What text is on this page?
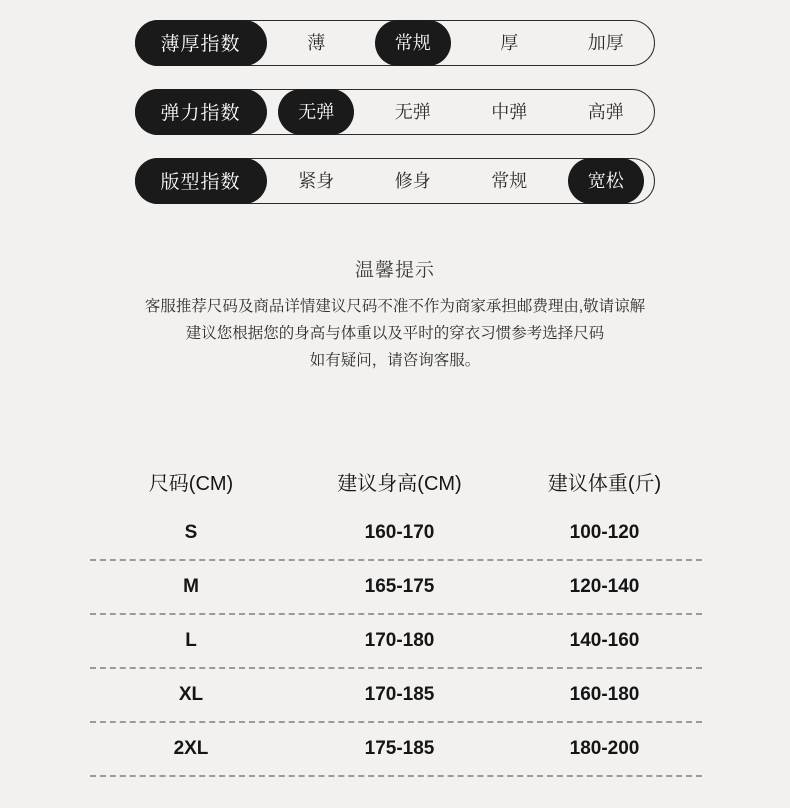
薄厚指数	薄	常规	厚	加厚
弹力指数	无弹	无弹	中弹	高弹
版型指数	紧身	修身	常规	宽松
温馨提示
客服推荐尺码及商品详情建议尺码不准不作为商家承担邮费理由,敬请谅解
建议您根据您的身高与体重以及平时的穿衣习惯参考选择尺码
如有疑问，请咨询客服。
尺码(CM)	建议身高(CM)	建议体重(斤)
S	160-170	100-120
M	165-175	120-140
L	170-180	140-160
XL	170-185	160-180
2XL	175-185	180-200
